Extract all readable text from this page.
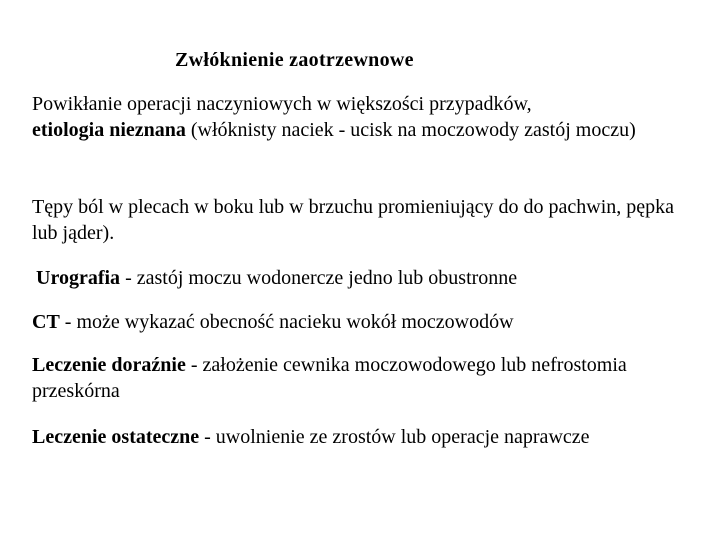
Zwłóknienie zaotrzewnowe

Powikłanie operacji naczyniowych w większości przypadków,
etiologia nieznana (włóknisty naciek - ucisk na moczowody zastój moczu)

Tępy ból w plecach w boku lub w brzuchu promieniujący do do pachwin, pępka lub jąder).

Urografia - zastój moczu wodonercze jedno lub obustronne

CT - może wykazać obecność nacieku wokół moczowodów

Leczenie doraźnie - założenie cewnika moczowodowego lub nefrostomia przeskórna

Leczenie ostateczne - uwolnienie ze zrostów lub operacje naprawcze
